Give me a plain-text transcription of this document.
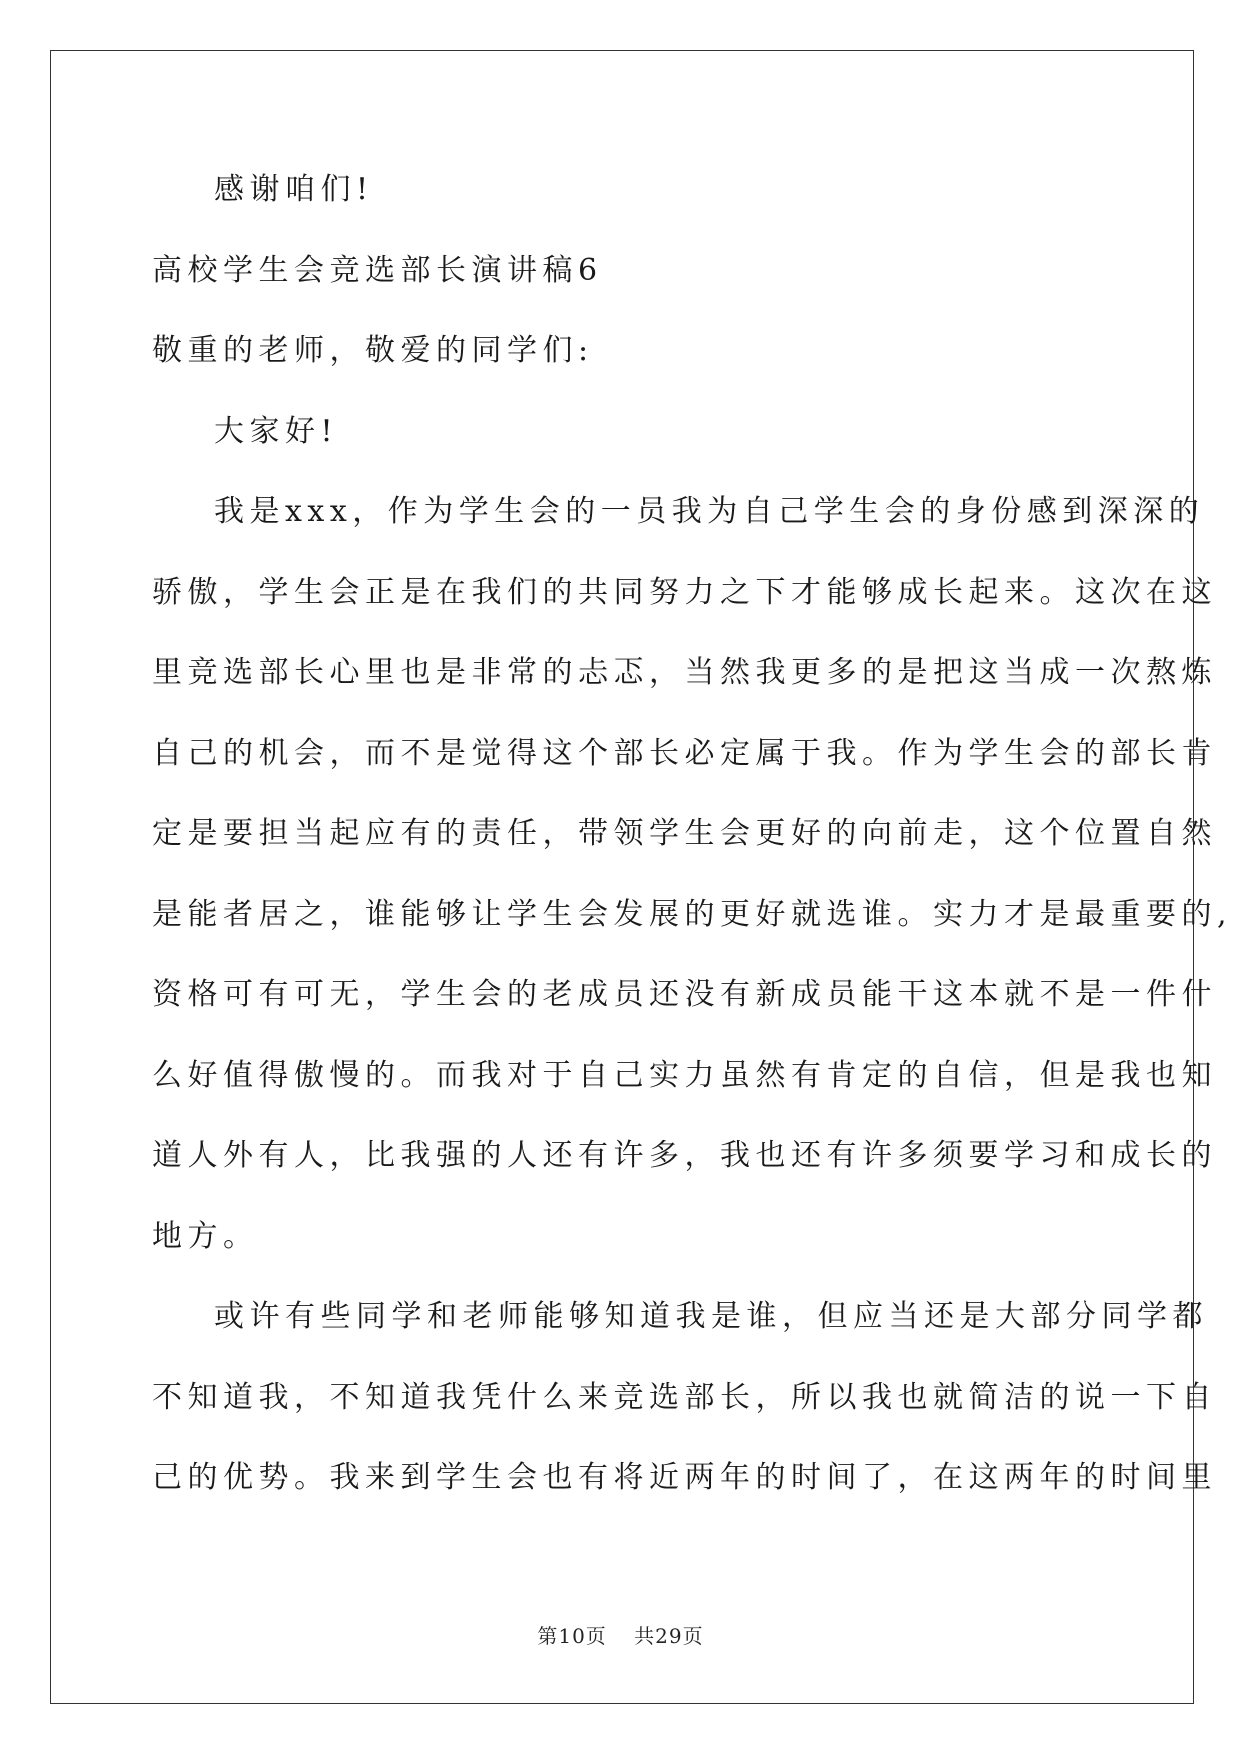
感谢咱们!
高校学生会竞选部长演讲稿6
敬重的老师，敬爱的同学们:
大家好!
我是xxx，作为学生会的一员我为自己学生会的身份感到深深的
骄傲，学生会正是在我们的共同努力之下才能够成长起来。这次在这
里竞选部长心里也是非常的忐忑，当然我更多的是把这当成一次熬炼
自己的机会，而不是觉得这个部长必定属于我。作为学生会的部长肯
定是要担当起应有的责任，带领学生会更好的向前走，这个位置自然
是能者居之，谁能够让学生会发展的更好就选谁。实力才是最重要的,
资格可有可无，学生会的老成员还没有新成员能干这本就不是一件什
么好值得傲慢的。而我对于自己实力虽然有肯定的自信，但是我也知
道人外有人，比我强的人还有许多，我也还有许多须要学习和成长的
地方。
或许有些同学和老师能够知道我是谁，但应当还是大部分同学都
不知道我，不知道我凭什么来竞选部长，所以我也就简洁的说一下自
己的优势。我来到学生会也有将近两年的时间了，在这两年的时间里
第10页 共29页
